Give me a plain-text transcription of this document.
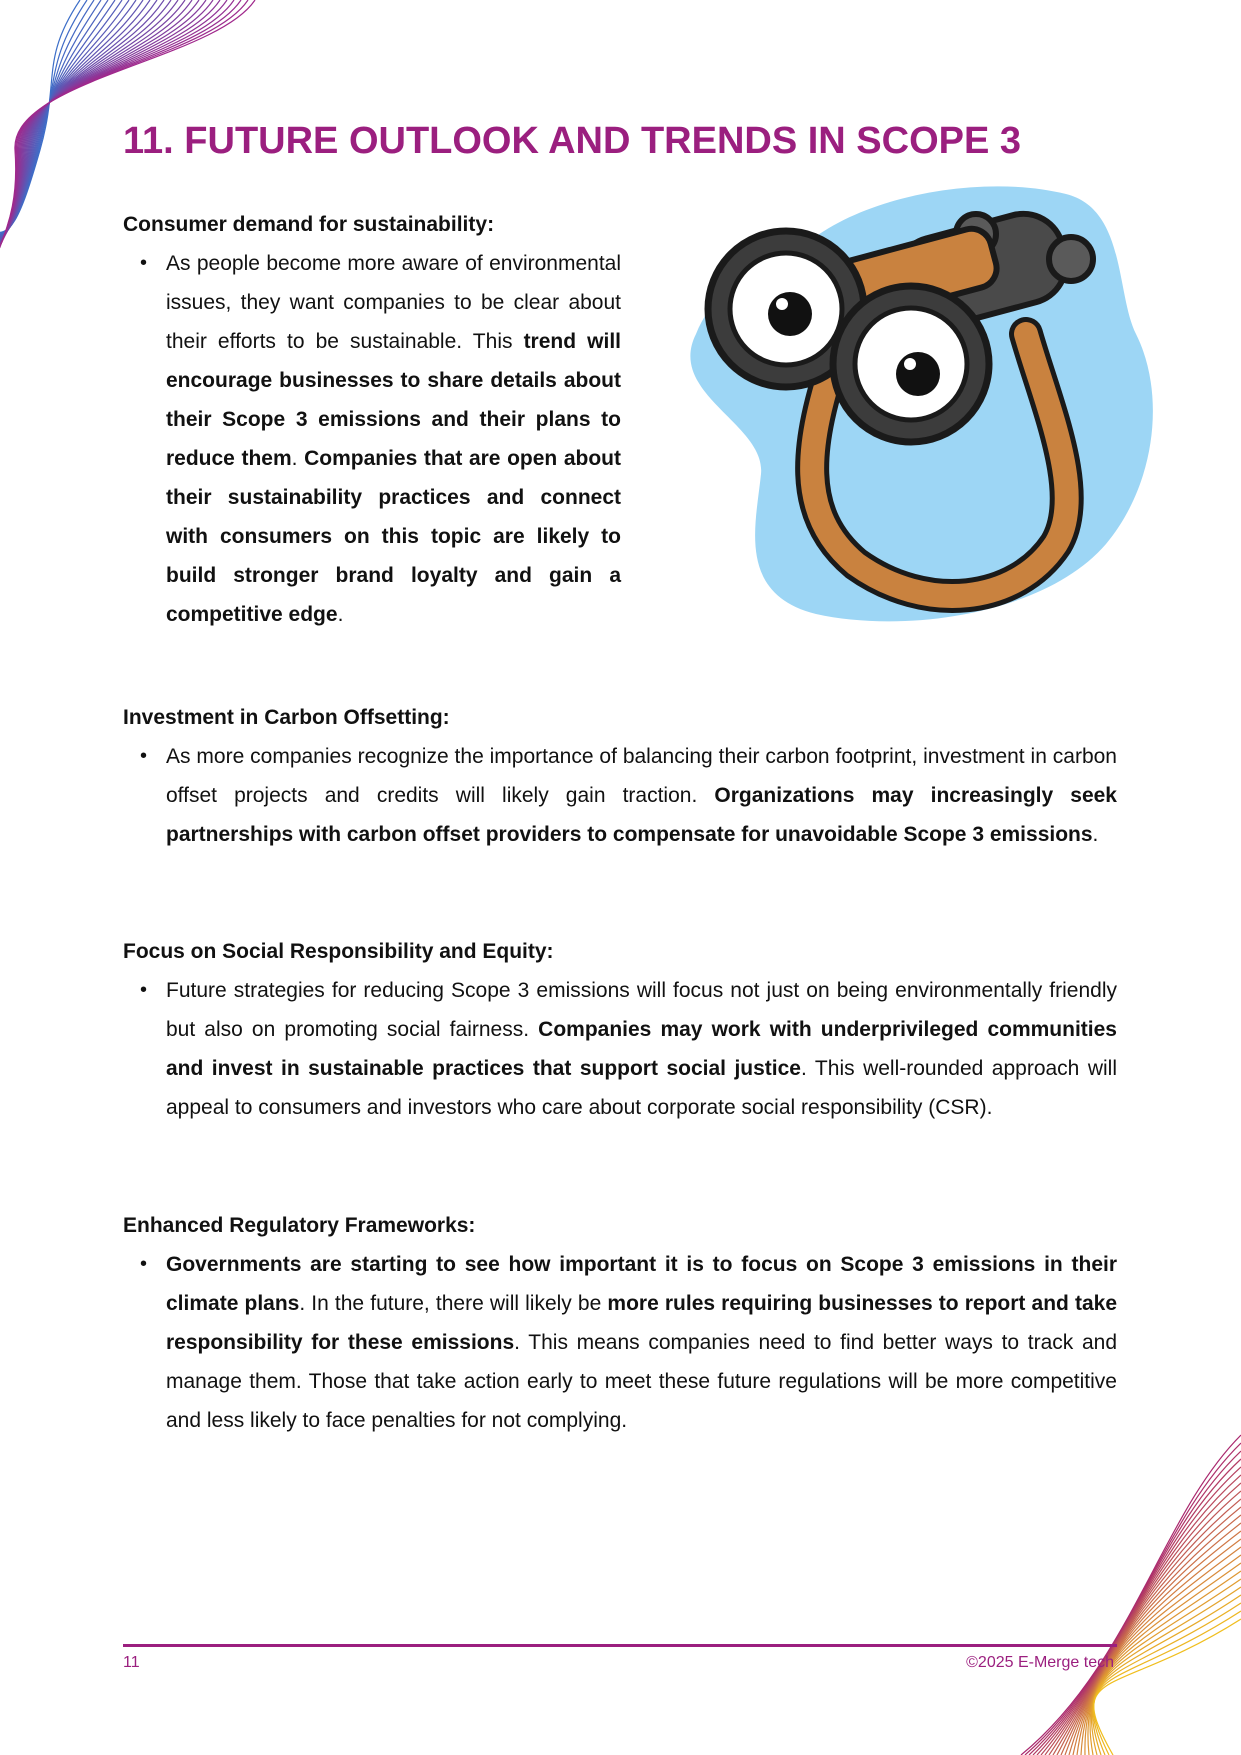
11. FUTURE OUTLOOK AND TRENDS IN SCOPE 3

Consumer demand for sustainability:

• As people become more aware of environmental issues, they want companies to be clear about their efforts to be sustainable. This trend will encourage businesses to share details about their Scope 3 emissions and their plans to reduce them. Companies that are open about their sustainability practices and connect with consumers on this topic are likely to build stronger brand loyalty and gain a competitive edge.

Investment in Carbon Offsetting:

• As more companies recognize the importance of balancing their carbon footprint, investment in carbon offset projects and credits will likely gain traction. Organizations may increasingly seek partnerships with carbon offset providers to compensate for unavoidable Scope 3 emissions.

Focus on Social Responsibility and Equity:

• Future strategies for reducing Scope 3 emissions will focus not just on being environmentally friendly but also on promoting social fairness. Companies may work with underprivileged communities and invest in sustainable practices that support social justice. This well-rounded approach will appeal to consumers and investors who care about corporate social responsibility (CSR).

Enhanced Regulatory Frameworks:

• Governments are starting to see how important it is to focus on Scope 3 emissions in their climate plans. In the future, there will likely be more rules requiring businesses to report and take responsibility for these emissions. This means companies need to find better ways to track and manage them. Those that take action early to meet these future regulations will be more competitive and less likely to face penalties for not complying.
11	©2025 E-Merge tech
